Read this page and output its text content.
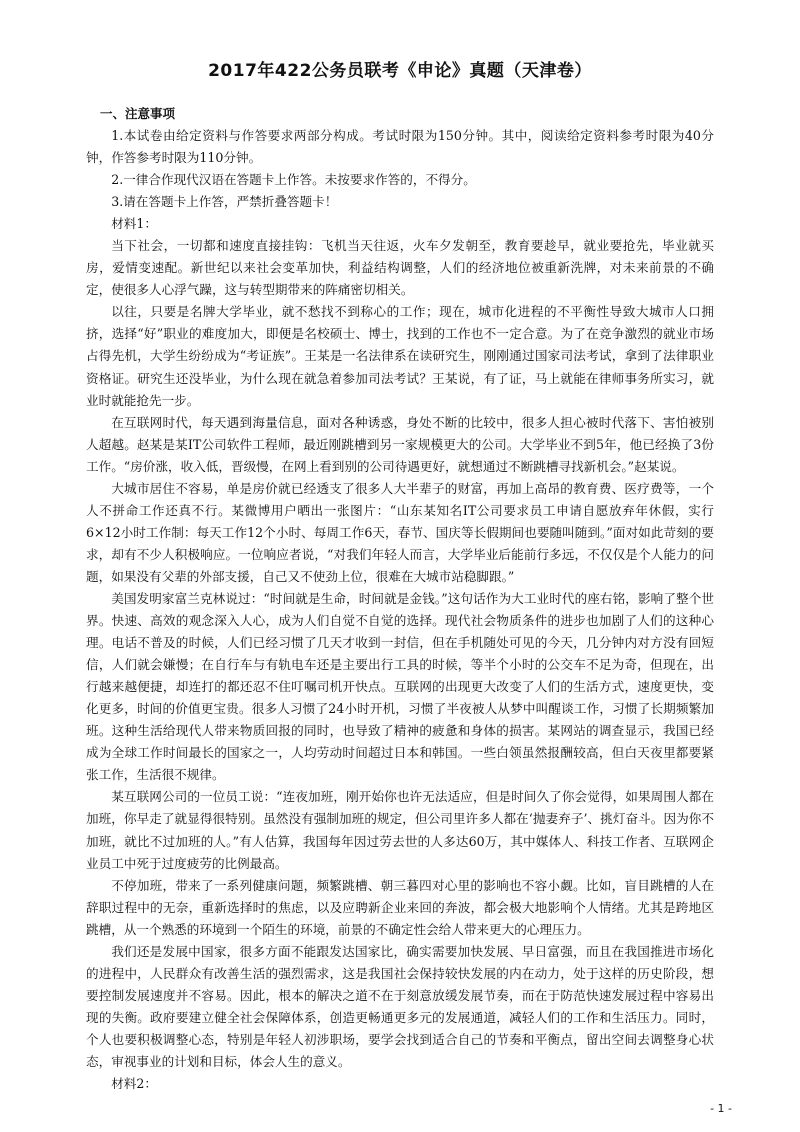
2017年422公务员联考《申论》真题（天津卷）
一、注意事项

1.本试卷由给定资料与作答要求两部分构成。考试时限为150分钟。其中，阅读给定资料参考时限为40分钟，作答参考时限为110分钟。

2.一律合作现代汉语在答题卡上作答。未按要求作答的，不得分。

3.请在答题卡上作答，严禁折叠答题卡！

材料1：

当下社会，一切都和速度直接挂钩：飞机当天往返，火车夕发朝至，教育要趁早，就业要抢先，毕业就买房，爱情变速配。新世纪以来社会变革加快，利益结构调整，人们的经济地位被重新洗牌，对未来前景的不确定，使很多人心浮气躁，这与转型期带来的阵痛密切相关。

以往，只要是名牌大学毕业，就不愁找不到称心的工作；现在，城市化进程的不平衡性导致大城市人口拥挤，选择“好”职业的难度加大，即便是名校硕士、博士，找到的工作也不一定合意。为了在竞争激烈的就业市场占得先机，大学生纷纷成为“考证族”。王某是一名法律系在读研究生，刚刚通过国家司法考试，拿到了法律职业资格证。研究生还没毕业，为什么现在就急着参加司法考试？王某说，有了证，马上就能在律师事务所实习，就业时就能抢先一步。

在互联网时代，每天遇到海量信息，面对各种诱惑，身处不断的比较中，很多人担心被时代落下、害怕被别人超越。赵某是某IT公司软件工程师，最近刚跳槽到另一家规模更大的公司。大学毕业不到5年，他已经换了3份工作。“房价涨，收入低，晋级慢，在网上看到别的公司待遇更好，就想通过不断跳槽寻找新机会。”赵某说。

大城市居住不容易，单是房价就已经透支了很多人大半辈子的财富，再加上高昂的教育费、医疗费等，一个人不拼命工作还真不行。某微博用户晒出一张图片：“山东某知名IT公司要求员工申请自愿放弃年休假，实行6×12小时工作制：每天工作12个小时、每周工作6天，春节、国庆等长假期间也要随叫随到。”面对如此苛刻的要求，却有不少人积极响应。一位响应者说，“对我们年轻人而言，大学毕业后能前行多远，不仅仅是个人能力的问题，如果没有父辈的外部支援，自己又不使劲上位，很难在大城市站稳脚跟。”

美国发明家富兰克林说过：“时间就是生命，时间就是金钱。”这句话作为大工业时代的座右铭，影响了整个世界。快速、高效的观念深入人心，成为人们自觉不自觉的选择。现代社会物质条件的进步也加剧了人们的这种心理。电话不普及的时候，人们已经习惯了几天才收到一封信，但在手机随处可见的今天，几分钟内对方没有回短信，人们就会嫌慢；在自行车与有轨电车还是主要出行工具的时候，等半个小时的公交车不足为奇，但现在，出行越来越便捷，却连打的都还忍不住叮嘱司机开快点。互联网的出现更大改变了人们的生活方式，速度更快，变化更多，时间的价值更宝贵。很多人习惯了24小时开机，习惯了半夜被人从梦中叫醒谈工作，习惯了长期频繁加班。这种生活给现代人带来物质回报的同时，也导致了精神的疲惫和身体的损害。某网站的调查显示，我国已经成为全球工作时间最长的国家之一，人均劳动时间超过日本和韩国。一些白领虽然报酬较高，但白天夜里都要紧张工作，生活很不规律。

某互联网公司的一位员工说：“连夜加班，刚开始你也许无法适应，但是时间久了你会觉得，如果周围人都在加班，你早走了就显得很特别。虽然没有强制加班的规定，但公司里许多人都在‘抛妻弃子’、挑灯奋斗。因为你不加班，就比不过加班的人。”有人估算，我国每年因过劳去世的人多达60万，其中媒体人、科技工作者、互联网企业员工中死于过度疲劳的比例最高。

不停加班，带来了一系列健康问题，频繁跳槽、朝三暮四对心里的影响也不容小觑。比如，盲目跳槽的人在辞职过程中的无奈，重新选择时的焦虑，以及应聘新企业来回的奔波，都会极大地影响个人情绪。尤其是跨地区跳槽，从一个熟悉的环境到一个陌生的环境，前景的不确定性会给人带来更大的心理压力。

我们还是发展中国家，很多方面不能跟发达国家比，确实需要加快发展、早日富强，而且在我国推进市场化的进程中，人民群众有改善生活的强烈需求，这是我国社会保持较快发展的内在动力，处于这样的历史阶段，想要控制发展速度并不容易。因此，根本的解决之道不在于刻意放缓发展节奏，而在于防范快速发展过程中容易出现的失衡。政府要建立健全社会保障体系，创造更畅通更多元的发展通道，减轻人们的工作和生活压力。同时，个人也要积极调整心态，特别是年轻人初涉职场，要学会找到适合自己的节奏和平衡点，留出空间去调整身心状态，审视事业的计划和目标，体会人生的意义。

材料2：

- 1 -
